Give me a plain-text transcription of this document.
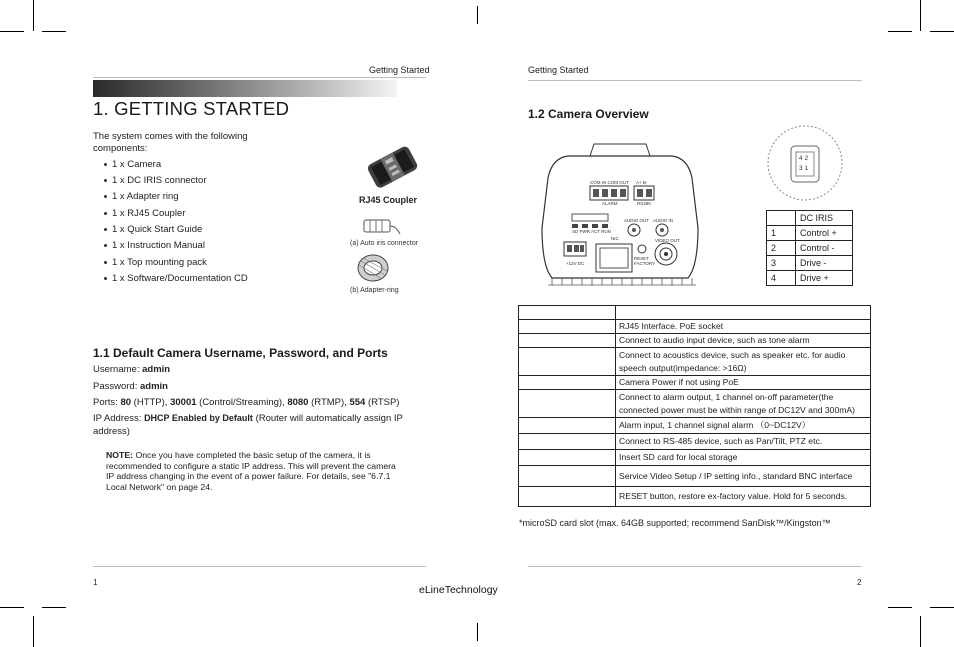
Getting Started
1. GETTING STARTED
The system comes with the following components:
1 x Camera
1 x DC IRIS connector
1 x Adapter ring
1 x RJ45 Coupler
1 x Quick Start Guide
1 x Instruction Manual
1 x Top mounting pack
1 x Software/Documentation CD
RJ45 Coupler
(a) Auto iris connector
(b) Adapter-ring
1.1 Default Camera Username, Password, and Ports
Username: admin
Password: admin
Ports: 80 (HTTP), 30001 (Control/Streaming), 8080 (RTMP), 554 (RTSP)
IP Address: DHCP Enabled by Default (Router will automatically assign IP
address)
NOTE: Once you have completed the basic setup of the camera, it is
recommended to configure a static IP address. This will prevent the camera
IP address changing in the event of a power failure. For details, see "6.7.1
Local Network" on page 24.
1
Getting Started
1.2 Camera Overview
COM IN COM OUT
ALARM
A+ B-
RS485
SD PWR ACT RUN
AUDIO OUT AUDIO IN
NIC	VIDEO OUT
+12V DC
RESET FACTORY
4 2
3 1
	DC IRIS
1	Control +
2	Control -
3	Drive -
4	Drive +

	RJ45 Interface. PoE socket
	Connect to audio input device, such as tone alarm

	Connect to acoustics device, such as speaker etc. for audio
speech output(impedance: >16Ω)

	Camera Power if not using PoE

	Connect to alarm output, 1 channel on-off parameter(the
connected power must be within range of DC12V and 300mA)

	Alarm input, 1 channel signal alarm （0~DC12V）
	Connect to RS-485 device, such as Pan/Tilt, PTZ etc.
	Insert SD card for local storage
	Service Video Setup / IP setting info., standard BNC interface
	RESET button, restore ex-factory value. Hold for 5 seconds.
*microSD card slot (max. 64GB supported; recommend SanDisk™/Kingston™
2
eLineTechnology
